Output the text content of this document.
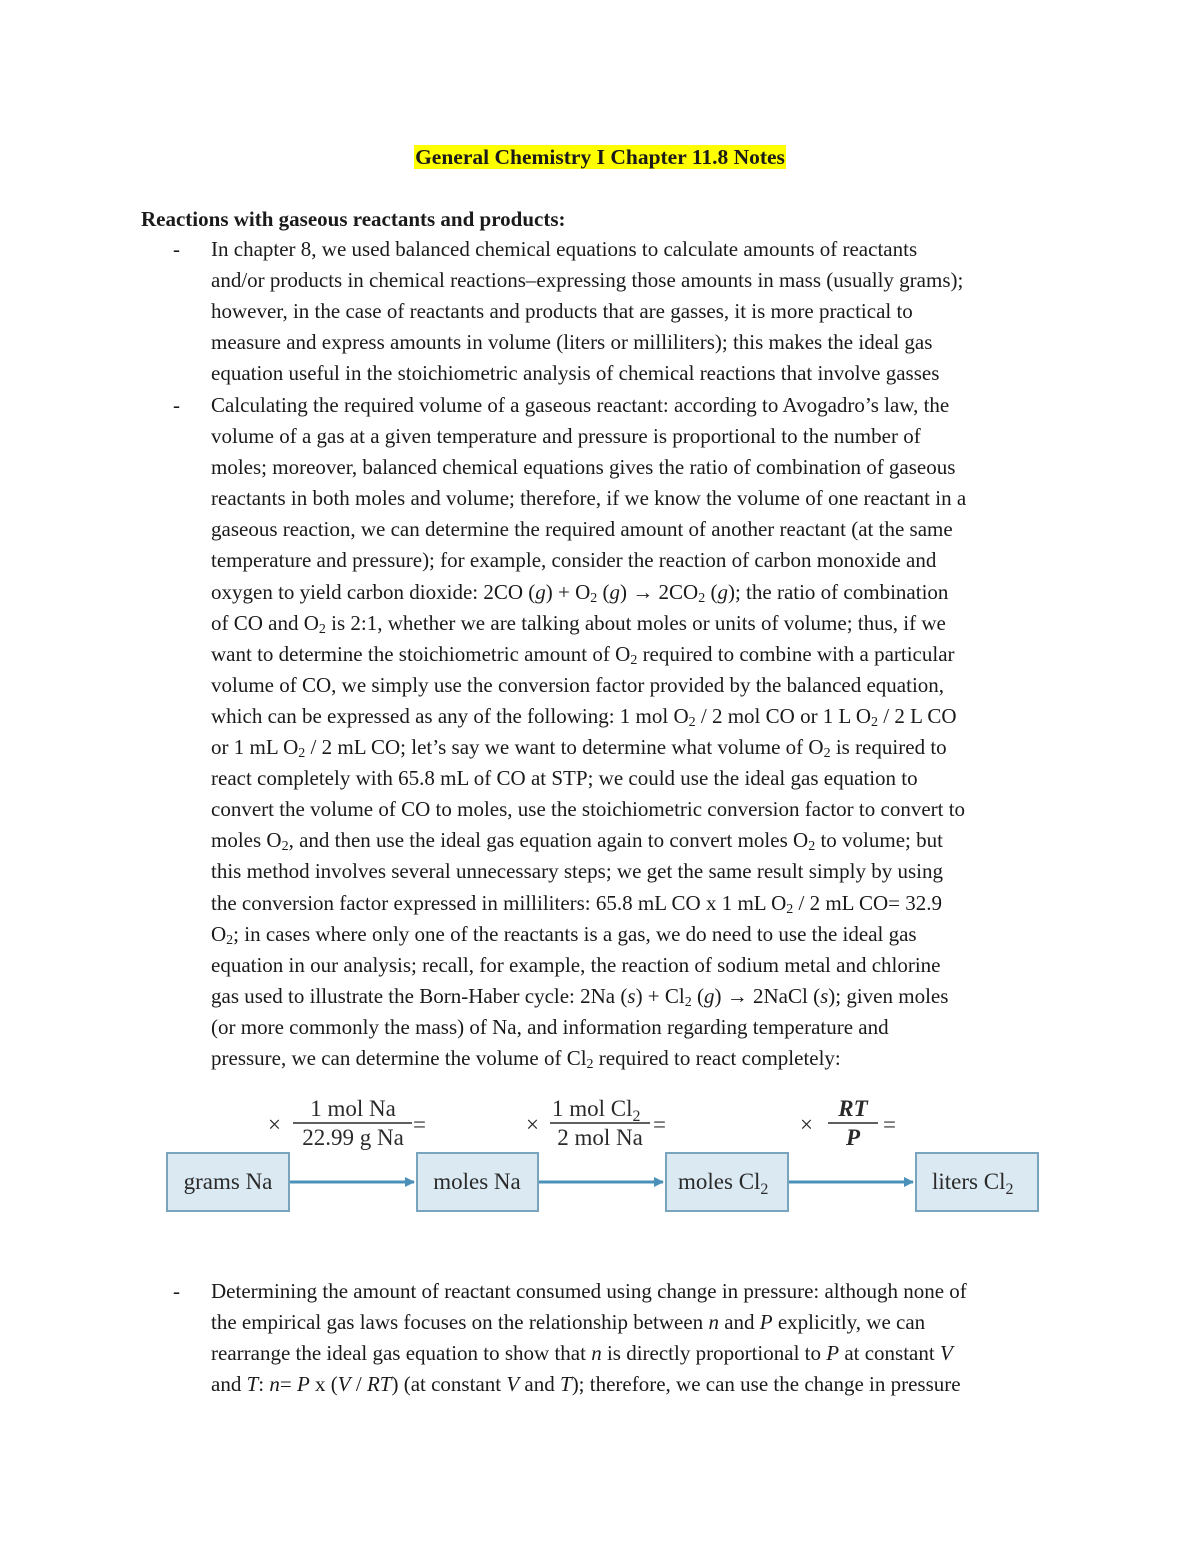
General Chemistry I Chapter 11.8 Notes
Reactions with gaseous reactants and products:
- In chapter 8, we used balanced chemical equations to calculate amounts of reactants
and/or products in chemical reactions–expressing those amounts in mass (usually grams);
however, in the case of reactants and products that are gasses, it is more practical to
measure and express amounts in volume (liters or milliliters); this makes the ideal gas
equation useful in the stoichiometric analysis of chemical reactions that involve gasses
- Calculating the required volume of a gaseous reactant: according to Avogadro’s law, the
volume of a gas at a given temperature and pressure is proportional to the number of
moles; moreover, balanced chemical equations gives the ratio of combination of gaseous
reactants in both moles and volume; therefore, if we know the volume of one reactant in a
gaseous reaction, we can determine the required amount of another reactant (at the same
temperature and pressure); for example, consider the reaction of carbon monoxide and
oxygen to yield carbon dioxide: 2CO $(g) + O_2$ $(g) \to 2CO_2$ (g); the ratio of combination
of CO and $O_2$ is 2:1, whether we are talking about moles or units of volume; thus, if we
want to determine the stoichiometric amount of $O_2$ required to combine with a particular
volume of CO, we simply use the conversion factor provided by the balanced equation,
which can be expressed as any of the following: 1 mol $O_2 / 2$ mol CO or 1 L $O_2 / 2$ L CO
or 1 mL $O_2 / 2$ mL CO; let’s say we want to determine what volume of $O_2$ is required to
react completely with 65.8 mL of CO at STP; we could use the ideal gas equation to
convert the volume of CO to moles, use the stoichiometric conversion factor to convert to
moles $O_2$, and then use the ideal gas equation again to convert moles $O_2$ to volume; but
this method involves several unnecessary steps; we get the same result simply by using
the conversion factor expressed in milliliters: 65.8 mL CO x 1 mL $O_2 / 2$ mL CO= 32.9
$O_2$; in cases where only one of the reactants is a gas, we do need to use the ideal gas
equation in our analysis; recall, for example, the reaction of sodium metal and chlorine
gas used to illustrate the Born-Haber cycle: 2Na $(s) + Cl_2$ (g) → 2NaCl (s); given moles
(or more commonly the mass) of Na, and information regarding temperature and
pressure, we can determine the volume of $Cl_2$ required to react completely:
×
1 mol Na
22.99 g Na
=	×
1 mol $Cl_2$
2 mol Na
=	×
RT
P
=
grams Na	moles Na	moles $Cl_2$	liters $Cl_2$
- Determining the amount of reactant consumed using change in pressure: although none of
the empirical gas laws focuses on the relationship between n and P explicitly, we can
rearrange the ideal gas equation to show that n is directly proportional to P at constant V
and T: n= P x (V / RT) (at constant V and T); therefore, we can use the change in pressure
